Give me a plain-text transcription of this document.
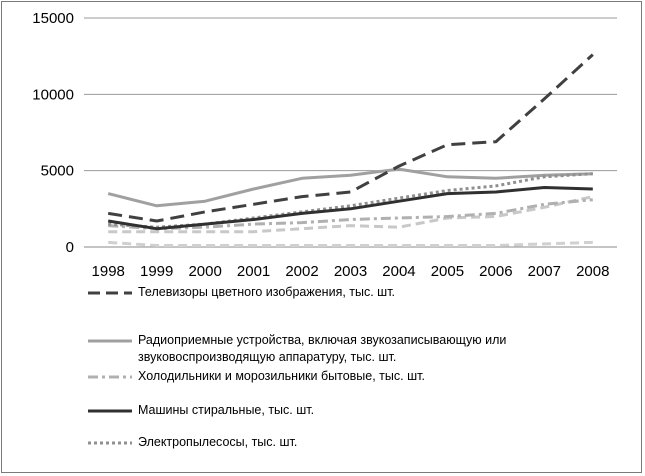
0
5000
10000
15000
1998 1999 2000 2001 2002 2003 2004 2005 2006 2007 2008
Телевизоры цветного изображения, тыс. шт.
Радиоприемные устройства, включая звукозаписывающую или звуковоспроизводящую аппаратуру, тыс. шт.
Холодильники и морозильники бытовые, тыс. шт.
Машины стиральные, тыс. шт.
Электропылесосы, тыс. шт.
